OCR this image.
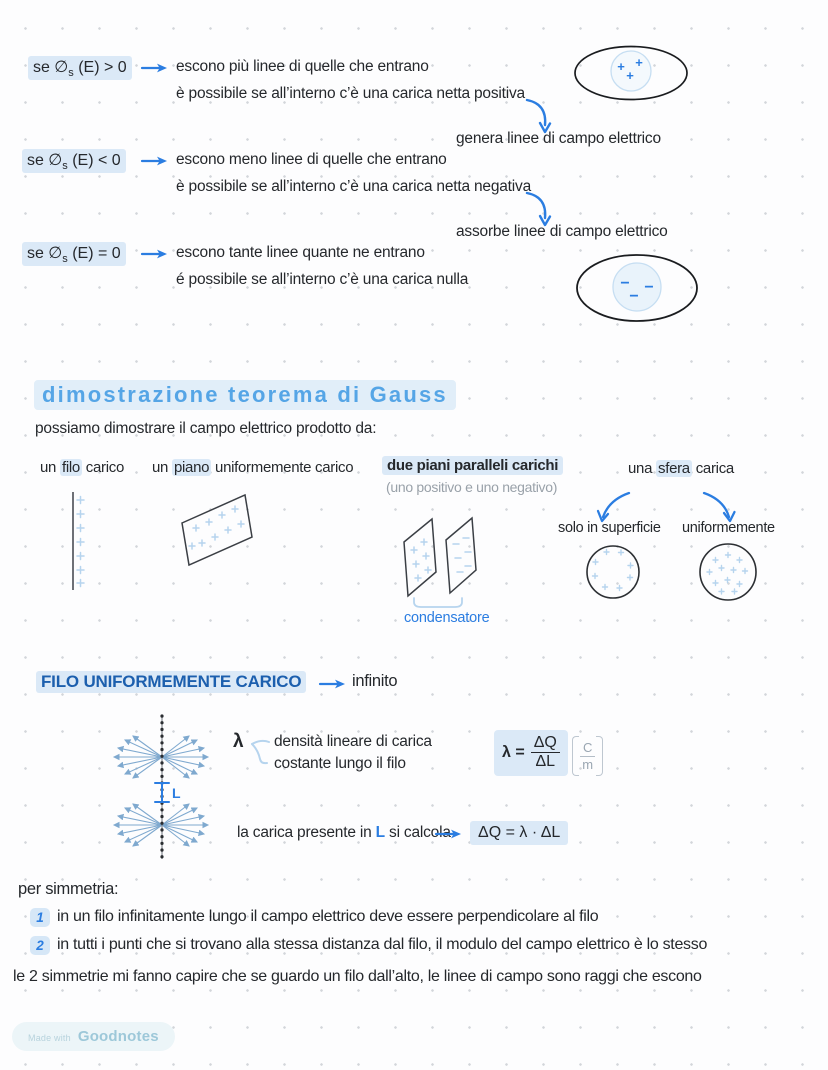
se $\emptyset_s$ (E) > 0	escono più linee di quelle che entrano
è possibile se all’interno c’è una carica netta positiva
genera linee di campo elettrico
+ +
+
se $\emptyset_s$ (E) < 0	escono meno linee di quelle che entrano
è possibile se all’interno c’è una carica netta negativa
assorbe linee di campo elettrico
se $\emptyset_s$ (E) = 0	escono tante linee quante ne entrano
é possibile se all’interno c’è una carica nulla	− −
−
dimostrazione teorema di Gauss
possiamo dimostrare il campo elettrico prodotto da:
un filo carico un piano uniformemente carico	due piani paralleli carichi
(uno positivo e uno negativo)
una sfera carica
condensatore
solo in superficie uniformemente
FILO UNIFORMEMENTE CARICO	infinito
L
λ densità lineare di carica
costante lungo il filo
$\lambda = \frac{\Delta Q}{\Delta L} \frac{C}{m}$
la carica presente in L si calcola	ΔQ = λ · ΔL
per simmetria:
1 in un filo infinitamente lungo il campo elettrico deve essere perpendicolare al filo
2 in tutti i punti che si trovano alla stessa distanza dal filo, il modulo del campo elettrico è lo stesso
le 2 simmetrie mi fanno capire che se guardo un filo dall’alto, le linee di campo sono raggi che escono
Made with Goodnotes
